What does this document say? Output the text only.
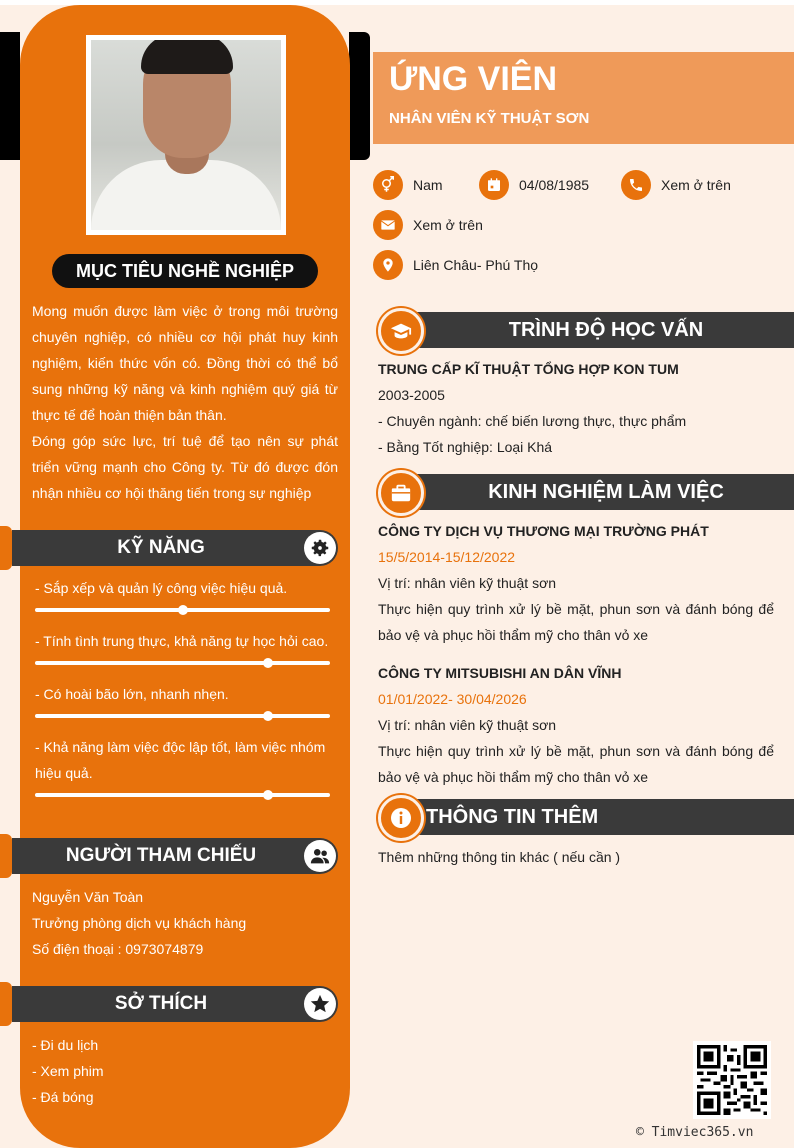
MỤC TIÊU NGHỀ NGHIỆP
Mong muốn được làm việc ở trong môi trường chuyên nghiệp, có nhiều cơ hội phát huy kinh nghiệm, kiến thức vốn có. Đồng thời có thể bổ sung những kỹ năng và kinh nghiệm quý giá từ thực tế để hoàn thiện bản thân.
Đóng góp sức lực, trí tuệ để tạo nên sự phát triển vững mạnh cho Công ty. Từ đó được đón nhận nhiều cơ hội thăng tiến trong sự nghiệp
KỸ NĂNG
- Sắp xếp và quản lý công việc hiệu quả.
- Tính tình trung thực, khả năng tự học hỏi cao.
- Có hoài bão lớn, nhanh nhẹn.
- Khả năng làm việc độc lập tốt, làm việc nhóm hiệu quả.
NGƯỜI THAM CHIẾU
Nguyễn Văn Toàn
Trưởng phòng dịch vụ khách hàng
Số điện thoại : 0973074879
SỞ THÍCH
- Đi du lịch
- Xem phim
- Đá bóng
ỨNG VIÊN
NHÂN VIÊN KỸ THUẬT SƠN
Nam	04/08/1985	Xem ở trên
Xem ở trên
Liên Châu- Phú Thọ
TRÌNH ĐỘ HỌC VẤN
TRUNG CẤP KĨ THUẬT TỔNG HỢP KON TUM
2003-2005
- Chuyên ngành: chế biến lương thực, thực phẩm
- Bằng Tốt nghiệp: Loại Khá
KINH NGHIỆM LÀM VIỆC
CÔNG TY DỊCH VỤ THƯƠNG MẠI TRƯỜNG PHÁT
15/5/2014-15/12/2022
Vị trí: nhân viên kỹ thuật sơn
Thực hiện quy trình xử lý bề mặt, phun sơn và đánh bóng để bảo vệ và phục hồi thẩm mỹ cho thân vỏ xe
CÔNG TY MITSUBISHI AN DÂN VĨNH
01/01/2022- 30/04/2026
Vị trí: nhân viên kỹ thuật sơn
Thực hiện quy trình xử lý bề mặt, phun sơn và đánh bóng để bảo vệ và phục hồi thẩm mỹ cho thân vỏ xe
THÔNG TIN THÊM
Thêm những thông tin khác ( nếu cần )
© Timviec365.vn
